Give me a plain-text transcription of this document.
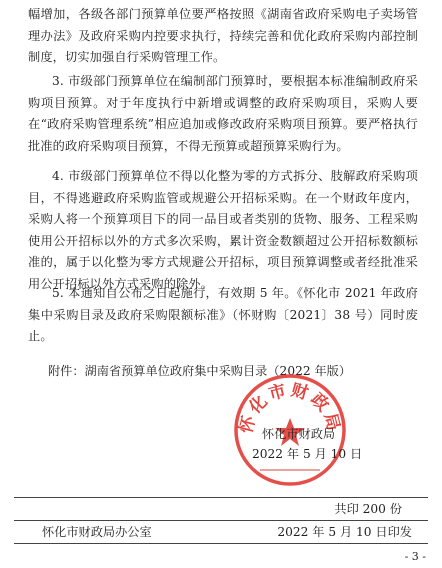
幅增加，各级各部门预算单位要严格按照《湖南省政府采购电子卖场管理办法》及政府采购内控要求执行，持续完善和优化政府采购内部控制制度，切实加强自行采购管理工作。

3. 市级部门预算单位在编制部门预算时，要根据本标准编制政府采购项目预算。对于年度执行中新增或调整的政府采购项目，采购人要在“政府采购管理系统”相应追加或修改政府采购项目预算。要严格执行批准的政府采购项目预算，不得无预算或超预算采购行为。

4. 市级部门预算单位不得以化整为零的方式拆分、肢解政府采购项目，不得逃避政府采购监管或规避公开招标采购。在一个财政年度内，采购人将一个预算项目下的同一品目或者类别的货物、服务、工程采购使用公开招标以外的方式多次采购，累计资金数额超过公开招标数额标准的，属于以化整为零方式规避公开招标，项目预算调整或者经批准采用公开招标以外方式采购的除外。

5. 本通知自公布之日起施行，有效期 5 年。《怀化市 2021 年政府集中采购目录及政府采购限额标准》（怀财购〔2021〕38 号）同时废止。

附件：湖南省预算单位政府集中采购目录（2022 年版）

怀化市财政局
怀化市财政局
2022 年 5 月 10 日
共印 200 份
怀化市财政局办公室	2022 年 5 月 10 日印发
- 3 -
